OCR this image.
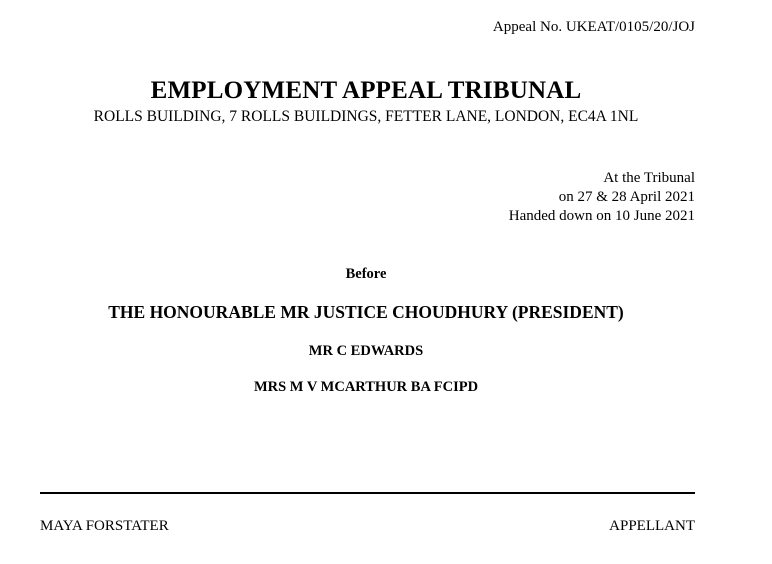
Appeal No. UKEAT/0105/20/JOJ
EMPLOYMENT APPEAL TRIBUNAL
ROLLS BUILDING, 7 ROLLS BUILDINGS, FETTER LANE, LONDON, EC4A 1NL
At the Tribunal
on 27 & 28 April 2021
Handed down on 10 June 2021
Before
THE HONOURABLE MR JUSTICE CHOUDHURY (PRESIDENT)
MR C EDWARDS
MRS M V MCARTHUR BA FCIPD
MAYA FORSTATER	APPELLANT
